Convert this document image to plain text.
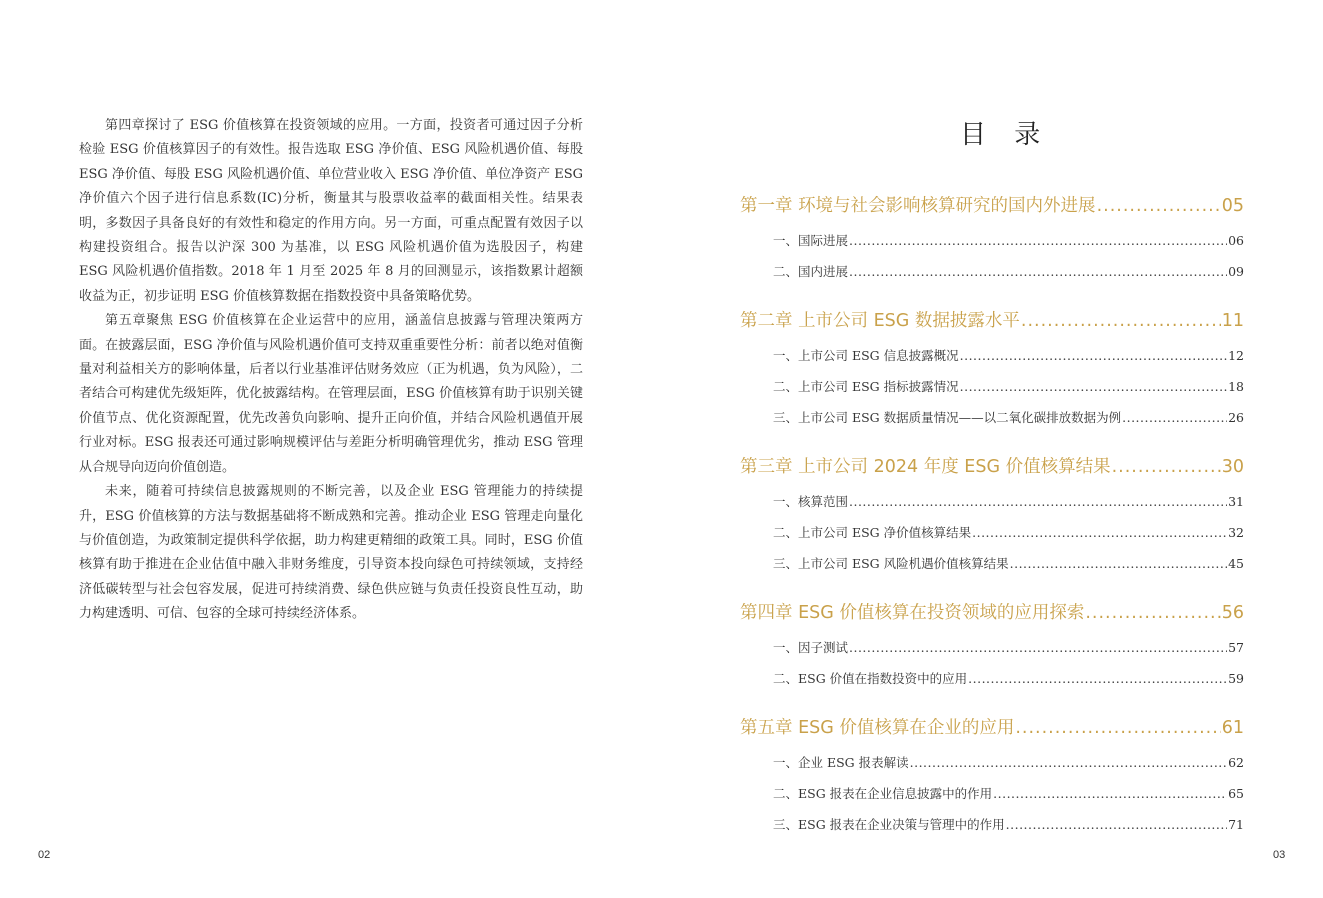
第四章探讨了 ESG 价值核算在投资领域的应用。一方面，投资者可通过因子分析检验 ESG 价值核算因子的有效性。报告选取 ESG 净价值、ESG 风险机遇价值、每股 ESG 净价值、每股 ESG 风险机遇价值、单位营业收入 ESG 净价值、单位净资产 ESG 净价值六个因子进行信息系数(IC)分析，衡量其与股票收益率的截面相关性。结果表明，多数因子具备良好的有效性和稳定的作用方向。另一方面，可重点配置有效因子以构建投资组合。报告以沪深 300 为基准，以 ESG 风险机遇价值为选股因子，构建 ESG 风险机遇价值指数。2018 年 1 月至 2025 年 8 月的回测显示，该指数累计超额收益为正，初步证明 ESG 价值核算数据在指数投资中具备策略优势。

第五章聚焦 ESG 价值核算在企业运营中的应用，涵盖信息披露与管理决策两方面。在披露层面，ESG 净价值与风险机遇价值可支持双重重要性分析：前者以绝对值衡量对利益相关方的影响体量，后者以行业基准评估财务效应（正为机遇，负为风险），二者结合可构建优先级矩阵，优化披露结构。在管理层面，ESG 价值核算有助于识别关键价值节点、优化资源配置，优先改善负向影响、提升正向价值，并结合风险机遇值开展行业对标。ESG 报表还可通过影响规模评估与差距分析明确管理优劣，推动 ESG 管理从合规导向迈向价值创造。

未来，随着可持续信息披露规则的不断完善，以及企业 ESG 管理能力的持续提升，ESG 价值核算的方法与数据基础将不断成熟和完善。推动企业 ESG 管理走向量化与价值创造，为政策制定提供科学依据，助力构建更精细的政策工具。同时，ESG 价值核算有助于推进在企业估值中融入非财务维度，引导资本投向绿色可持续领域，支持经济低碳转型与社会包容发展，促进可持续消费、绿色供应链与负责任投资良性互动，助力构建透明、可信、包容的全球可持续经济体系。

02
目 录
第一章 环境与社会影响核算研究的国内外进展 .....	05
一、国际进展 .....	06
二、国内进展 .....	09
第二章 上市公司 ESG 数据披露水平 .....	11
一、上市公司 ESG 信息披露概况 .....	12
二、上市公司 ESG 指标披露情况 .....	18
三、上市公司 ESG 数据质量情况——以二氧化碳排放数据为例 .....	26
第三章 上市公司 2024 年度 ESG 价值核算结果 .....	30
一、核算范围 .....	31
二、上市公司 ESG 净价值核算结果 .....	32
三、上市公司 ESG 风险机遇价值核算结果 .....	45
第四章 ESG 价值核算在投资领域的应用探索 .....	56
一、因子测试 .....	57
二、ESG 价值在指数投资中的应用 .....	59
第五章 ESG 价值核算在企业的应用 .....	61
一、企业 ESG 报表解读 .....	62
二、ESG 报表在企业信息披露中的作用 .....	65
三、ESG 报表在企业决策与管理中的作用 .....	71
03
